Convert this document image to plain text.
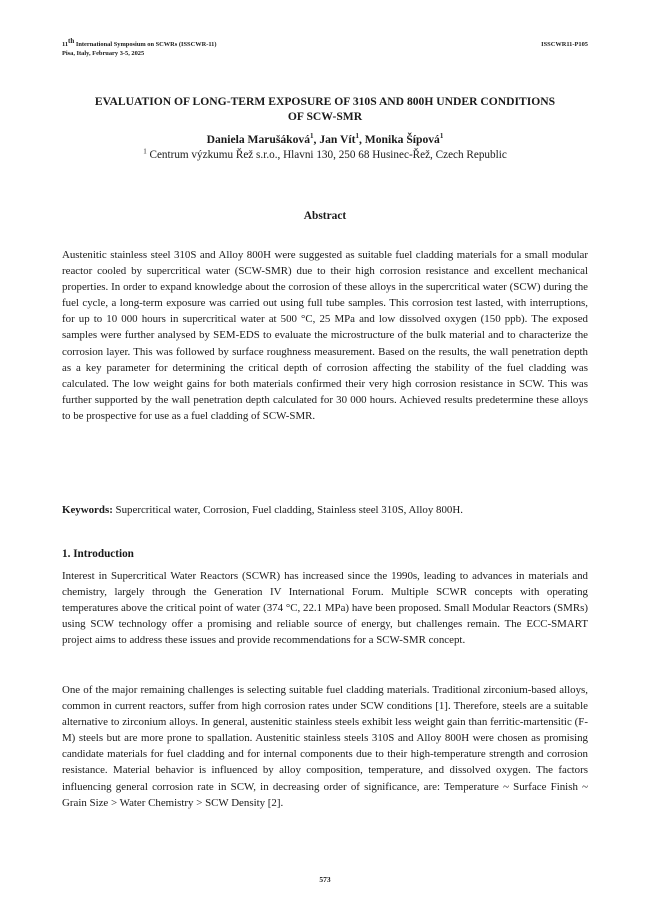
11th International Symposium on SCWRs (ISSCWR-11)
Pisa, Italy, February 3-5, 2025
ISSCWR11-P105
EVALUATION OF LONG-TERM EXPOSURE OF 310S AND 800H UNDER CONDITIONS
OF SCW-SMR
Daniela Marušáková$^1$, Jan Vít$^1$, Monika Šípová$^1$
$^1$ Centrum výzkumu Řež s.r.o., Hlavni 130, 250 68 Husinec-Řež, Czech Republic
Abstract

Austenitic stainless steel 310S and Alloy 800H were suggested as suitable fuel cladding materials for a small modular reactor cooled by supercritical water (SCW-SMR) due to their high corrosion resistance and excellent mechanical properties. In order to expand knowledge about the corrosion of these alloys in the supercritical water (SCW) during the fuel cycle, a long-term exposure was carried out using full tube samples. This corrosion test lasted, with interruptions, for up to 10 000 hours in supercritical water at 500 °C, 25 MPa and low dissolved oxygen (150 ppb). The exposed samples were further analysed by SEM-EDS to evaluate the microstructure of the bulk material and to characterize the corrosion layer. This was followed by surface roughness measurement. Based on the results, the wall penetration depth as a key parameter for determining the critical depth of corrosion affecting the stability of the fuel cladding was calculated. The low weight gains for both materials confirmed their very high corrosion resistance in SCW. This was further supported by the wall penetration depth calculated for 30 000 hours. Achieved results predetermine these alloys to be prospective for use as a fuel cladding of SCW-SMR.

Keywords: Supercritical water, Corrosion, Fuel cladding, Stainless steel 310S, Alloy 800H.
1. Introduction

Interest in Supercritical Water Reactors (SCWR) has increased since the 1990s, leading to advances in materials and chemistry, largely through the Generation IV International Forum. Multiple SCWR concepts with operating temperatures above the critical point of water (374 °C, 22.1 MPa) have been proposed. Small Modular Reactors (SMRs) using SCW technology offer a promising and reliable source of energy, but challenges remain. The ECC-SMART project aims to address these issues and provide recommendations for a SCW-SMR concept.

One of the major remaining challenges is selecting suitable fuel cladding materials. Traditional zirconium-based alloys, common in current reactors, suffer from high corrosion rates under SCW conditions [1]. Therefore, steels are a suitable alternative to zirconium alloys. In general, austenitic stainless steels exhibit less weight gain than ferritic-martensitic (F-M) steels but are more prone to spallation. Austenitic stainless steels 310S and Alloy 800H were chosen as promising candidate materials for fuel cladding and for internal components due to their high-temperature strength and corrosion resistance. Material behavior is influenced by alloy composition, temperature, and dissolved oxygen. The factors influencing general corrosion rate in SCW, in decreasing order of significance, are: Temperature ~ Surface Finish ~ Grain Size > Water Chemistry > SCW Density [2].

573
